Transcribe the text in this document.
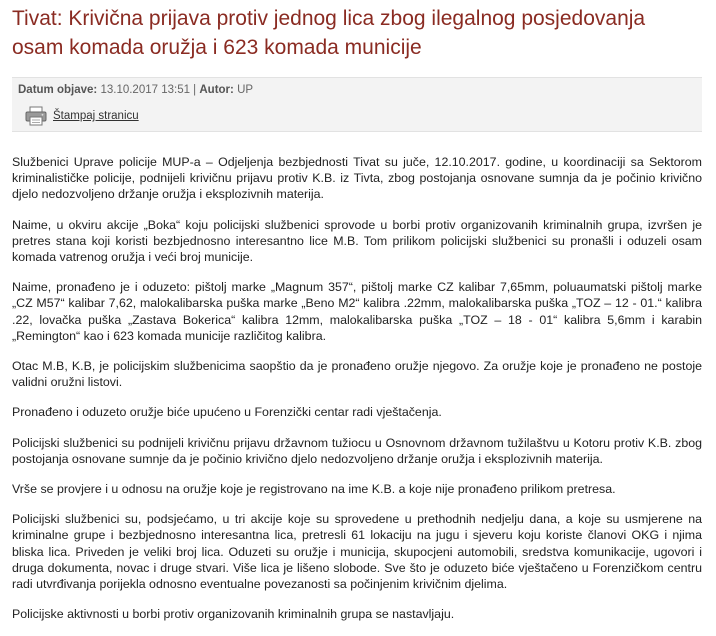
Tivat: Krivična prijava protiv jednog lica zbog ilegalnog posjedovanja osam komada oružja i 623 komada municije
Datum objave: 13.10.2017 13:51 | Autor: UP
Štampaj stranicu

Službenici Uprave policije MUP-a – Odjeljenja bezbjednosti Tivat su juče, 12.10.2017. godine, u koordinaciji sa Sektorom kriminalističke policije, podnijeli krivičnu prijavu protiv K.B. iz Tivta, zbog postojanja osnovane sumnja da je počinio krivično djelo nedozvoljeno držanje oružja i eksplozivnih materija.

Naime, u okviru akcije „Boka“ koju policijski službenici sprovode u borbi protiv organizovanih kriminalnih grupa, izvršen je pretres stana koji koristi bezbjednosno interesantno lice M.B. Tom prilikom policijski službenici su pronašli i oduzeli osam komada vatrenog oružja i veći broj municije.

Naime, pronađeno je i oduzeto: pištolj marke „Magnum 357“, pištolj marke CZ kalibar 7,65mm, poluaumatski pištolj marke „CZ M57“ kalibar 7,62, malokalibarska puška marke „Beno M2“ kalibra .22mm, malokalibarska puška „TOZ – 12 - 01.“ kalibra .22, lovačka puška „Zastava Bokerica“ kalibra 12mm, malokalibarska puška „TOZ – 18 - 01“ kalibra 5,6mm i karabin „Remington“ kao i 623 komada municije različitog kalibra.

Otac M.B, K.B, je policijskim službenicima saopštio da je pronađeno oružje njegovo. Za oružje koje je pronađeno ne postoje validni oružni listovi.

Pronađeno i oduzeto oružje biće upućeno u Forenzički centar radi vještačenja.

Policijski službenici su podnijeli krivičnu prijavu državnom tužiocu u Osnovnom državnom tužilaštvu u Kotoru protiv K.B. zbog postojanja osnovane sumnje da je počinio krivično djelo nedozvoljeno držanje oružja i eksplozivnih materija.

Vrše se provjere i u odnosu na oružje koje je registrovano na ime K.B. a koje nije pronađeno prilikom pretresa.

Policijski službenici su, podsjećamo, u tri akcije koje su sprovedene u prethodnih nedjelju dana, a koje su usmjerene na kriminalne grupe i bezbjednosno interesantna lica, pretresli 61 lokaciju na jugu i sjeveru koju koriste članovi OKG i njima bliska lica. Priveden je veliki broj lica. Oduzeti su oružje i municija, skupocjeni automobili, sredstva komunikacije, ugovori i druga dokumenta, novac i druge stvari. Više lica je lišeno slobode. Sve što je oduzeto biće vještačeno u Forenzičkom centru radi utvrđivanja porijekla odnosno eventualne povezanosti sa počinjenim krivičnim djelima.

Policijske aktivnosti u borbi protiv organizovanih kriminalnih grupa se nastavljaju.
